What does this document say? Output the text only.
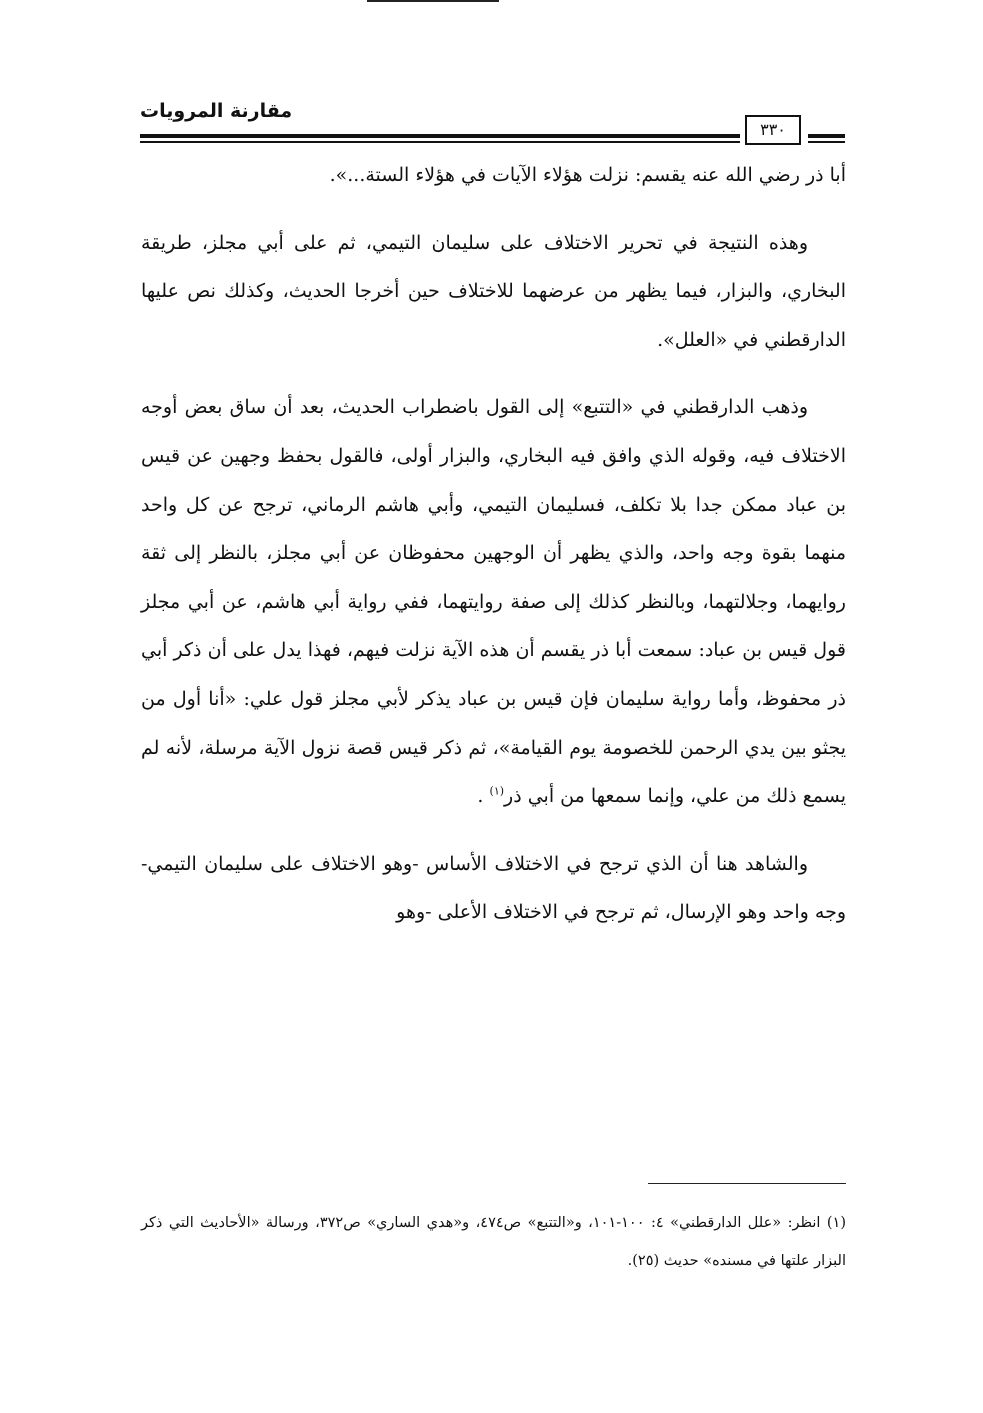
مقارنة المرويات
٣٣٠

أبا ذر رضي الله عنه يقسم: نزلت هؤلاء الآيات في هؤلاء الستة...».

وهذه النتيجة في تحرير الاختلاف على سليمان التيمي، ثم على أبي مجلز، طريقة البخاري، والبزار، فيما يظهر من عرضهما للاختلاف حين أخرجا الحديث، وكذلك نص عليها الدارقطني في «العلل».

وذهب الدارقطني في «التتبع» إلى القول باضطراب الحديث، بعد أن ساق بعض أوجه الاختلاف فيه، وقوله الذي وافق فيه البخاري، والبزار أولى، فالقول بحفظ وجهين عن قيس بن عباد ممكن جدا بلا تكلف، فسليمان التيمي، وأبي هاشم الرماني، ترجح عن كل واحد منهما بقوة وجه واحد، والذي يظهر أن الوجهين محفوظان عن أبي مجلز، بالنظر إلى ثقة روايهما، وجلالتهما، وبالنظر كذلك إلى صفة روايتهما، ففي رواية أبي هاشم، عن أبي مجلز قول قيس بن عباد: سمعت أبا ذر يقسم أن هذه الآية نزلت فيهم، فهذا يدل على أن ذكر أبي ذر محفوظ، وأما رواية سليمان فإن قيس بن عباد يذكر لأبي مجلز قول علي: «أنا أول من يجثو بين يدي الرحمن للخصومة يوم القيامة»، ثم ذكر قيس قصة نزول الآية مرسلة، لأنه لم يسمع ذلك من علي، وإنما سمعها من أبي ذر$^{(١)}$ .

والشاهد هنا أن الذي ترجح في الاختلاف الأساس -وهو الاختلاف على سليمان التيمي- وجه واحد وهو الإرسال، ثم ترجح في الاختلاف الأعلى -وهو

(١) انظر: «علل الدارقطني» ٤: ١٠٠-١٠١، و«التتبع» ص٤٧٤، و«هدي الساري» ص٣٧٢، ورسالة «الأحاديث التي ذكر البزار علتها في مسنده» حديث (٢٥).
